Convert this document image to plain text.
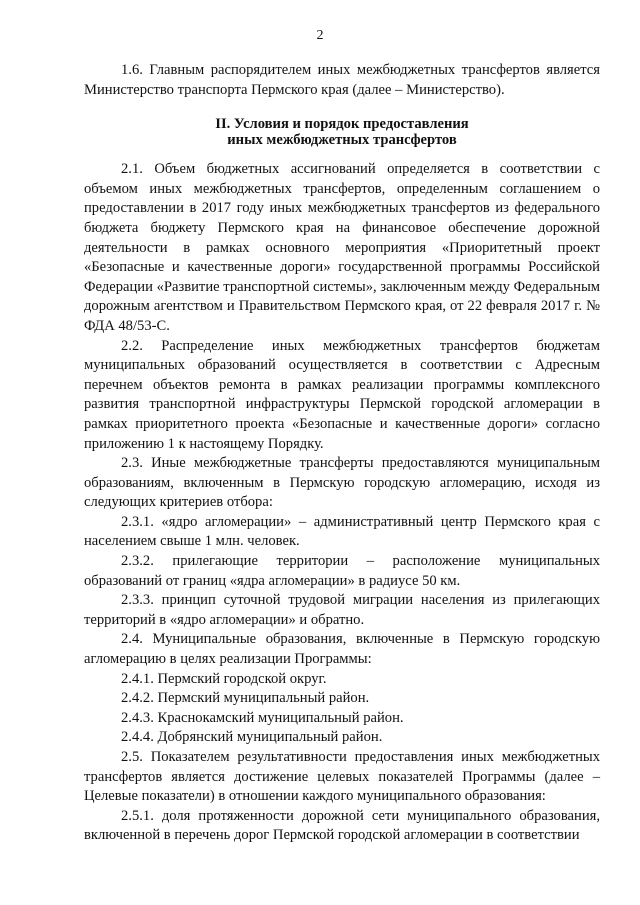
2

1.6. Главным распорядителем иных межбюджетных трансфертов является Министерство транспорта Пермского края (далее – Министерство).

II. Условия и порядок предоставления
иных межбюджетных трансфертов

2.1. Объем бюджетных ассигнований определяется в соответствии с объемом иных межбюджетных трансфертов, определенным соглашением о предоставлении в 2017 году иных межбюджетных трансфертов из федерального бюджета бюджету Пермского края на финансовое обеспечение дорожной деятельности в рамках основного мероприятия «Приоритетный проект «Безопасные и качественные дороги» государственной программы Российской Федерации «Развитие транспортной системы», заключенным между Федеральным дорожным агентством и Правительством Пермского края, от 22 февраля 2017 г. № ФДА 48/53-С.

2.2. Распределение иных межбюджетных трансфертов бюджетам муниципальных образований осуществляется в соответствии с Адресным перечнем объектов ремонта в рамках реализации программы комплексного развития транспортной инфраструктуры Пермской городской агломерации в рамках приоритетного проекта «Безопасные и качественные дороги» согласно приложению 1 к настоящему Порядку.

2.3. Иные межбюджетные трансферты предоставляются муниципальным образованиям, включенным в Пермскую городскую агломерацию, исходя из следующих критериев отбора:

2.3.1. «ядро агломерации» – административный центр Пермского края с населением свыше 1 млн. человек.

2.3.2. прилегающие территории – расположение муниципальных образований от границ «ядра агломерации» в радиусе 50 км.

2.3.3. принцип суточной трудовой миграции населения из прилегающих территорий в «ядро агломерации» и обратно.

2.4. Муниципальные образования, включенные в Пермскую городскую агломерацию в целях реализации Программы:

2.4.1. Пермский городской округ.

2.4.2. Пермский муниципальный район.

2.4.3. Краснокамский муниципальный район.

2.4.4. Добрянский муниципальный район.

2.5. Показателем результативности предоставления иных межбюджетных трансфертов является достижение целевых показателей Программы (далее – Целевые показатели) в отношении каждого муниципального образования:

2.5.1. доля протяженности дорожной сети муниципального образования, включенной в перечень дорог Пермской городской агломерации в соответствии
